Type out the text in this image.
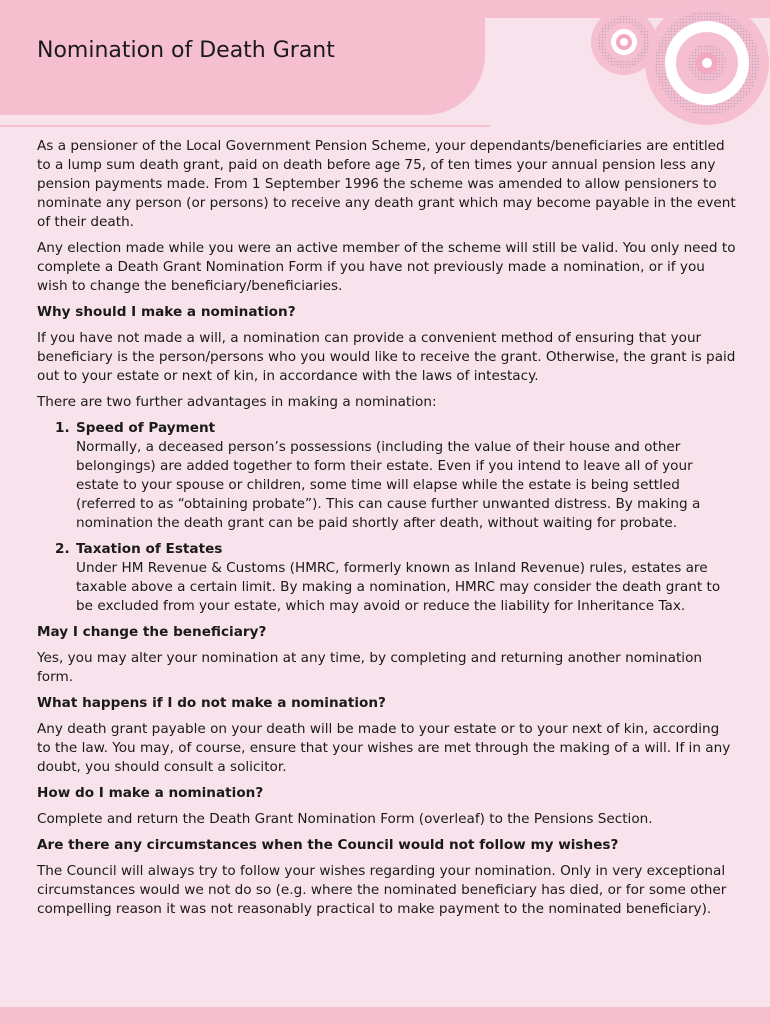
Nomination of Death Grant

As a pensioner of the Local Government Pension Scheme, your dependants/beneficiaries are entitled to a lump sum death grant, paid on death before age 75, of ten times your annual pension less any pension payments made. From 1 September 1996 the scheme was amended to allow pensioners to nominate any person (or persons) to receive any death grant which may become payable in the event of their death.

Any election made while you were an active member of the scheme will still be valid. You only need to complete a Death Grant Nomination Form if you have not previously made a nomination, or if you wish to change the beneficiary/beneficiaries.

Why should I make a nomination?

If you have not made a will, a nomination can provide a convenient method of ensuring that your beneficiary is the person/persons who you would like to receive the grant. Otherwise, the grant is paid out to your estate or next of kin, in accordance with the laws of intestacy.

There are two further advantages in making a nomination:

1. Speed of Payment
Normally, a deceased person’s possessions (including the value of their house and other belongings) are added together to form their estate. Even if you intend to leave all of your estate to your spouse or children, some time will elapse while the estate is being settled (referred to as “obtaining probate”). This can cause further unwanted distress. By making a nomination the death grant can be paid shortly after death, without waiting for probate.
2. Taxation of Estates
Under HM Revenue & Customs (HMRC, formerly known as Inland Revenue) rules, estates are taxable above a certain limit. By making a nomination, HMRC may consider the death grant to be excluded from your estate, which may avoid or reduce the liability for Inheritance Tax.
May I change the beneficiary?

Yes, you may alter your nomination at any time, by completing and returning another nomination form.

What happens if I do not make a nomination?

Any death grant payable on your death will be made to your estate or to your next of kin, according to the law. You may, of course, ensure that your wishes are met through the making of a will. If in any doubt, you should consult a solicitor.

How do I make a nomination?

Complete and return the Death Grant Nomination Form (overleaf) to the Pensions Section.

Are there any circumstances when the Council would not follow my wishes?

The Council will always try to follow your wishes regarding your nomination. Only in very exceptional circumstances would we not do so (e.g. where the nominated beneficiary has died, or for some other compelling reason it was not reasonably practical to make payment to the nominated beneficiary).
